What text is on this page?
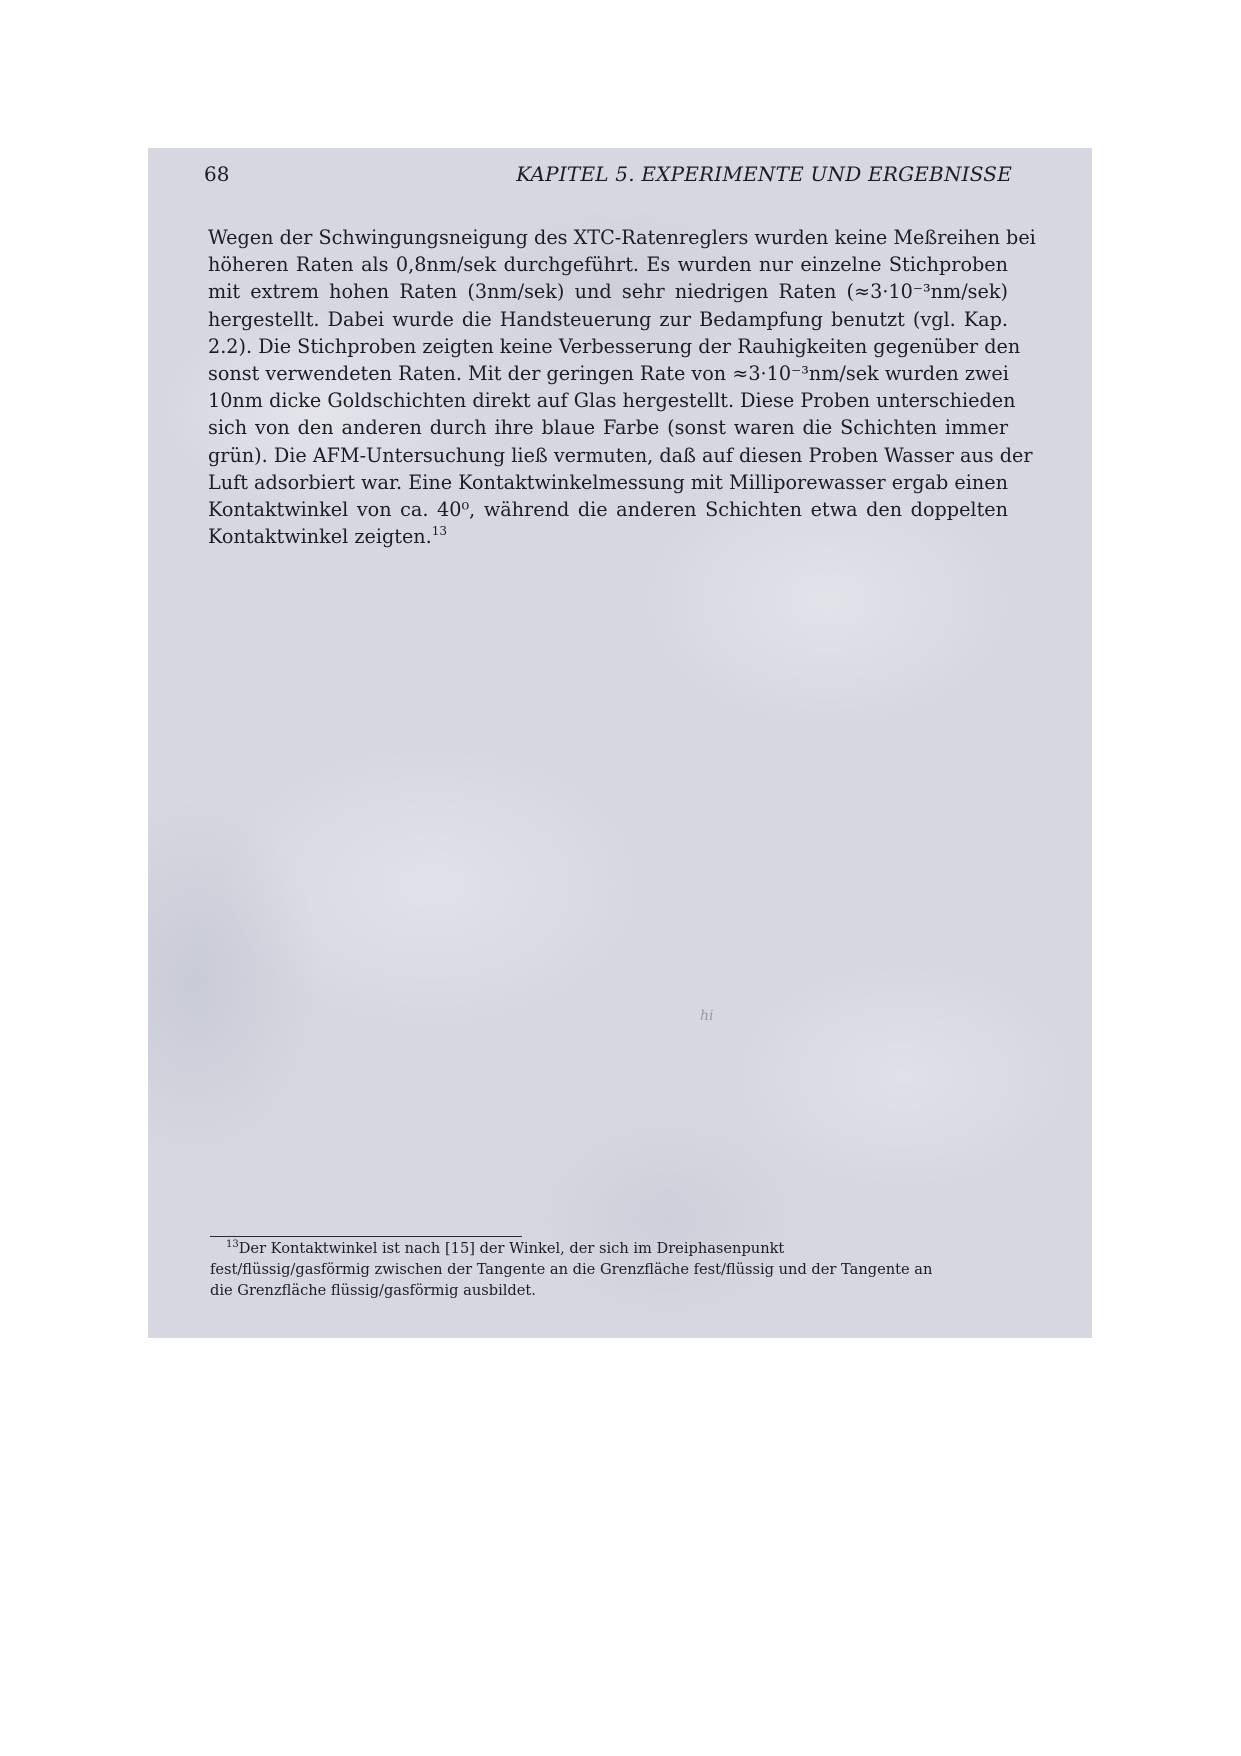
68	KAPITEL 5. EXPERIMENTE UND ERGEBNISSE
Wegen der Schwingungsneigung des XTC-Ratenreglers wurden keine Meßreihen bei
höheren Raten als 0,8nm/sek durchgeführt. Es wurden nur einzelne Stichproben
mit extrem hohen Raten (3nm/sek) und sehr niedrigen Raten (≈3·10⁻³nm/sek)
hergestellt. Dabei wurde die Handsteuerung zur Bedampfung benutzt (vgl. Kap.
2.2). Die Stichproben zeigten keine Verbesserung der Rauhigkeiten gegenüber den
sonst verwendeten Raten. Mit der geringen Rate von ≈3·10⁻³nm/sek wurden zwei
10nm dicke Goldschichten direkt auf Glas hergestellt. Diese Proben unterschieden
sich von den anderen durch ihre blaue Farbe (sonst waren die Schichten immer
grün). Die AFM-Untersuchung ließ vermuten, daß auf diesen Proben Wasser aus der
Luft adsorbiert war. Eine Kontaktwinkelmessung mit Milliporewasser ergab einen
Kontaktwinkel von ca. 40⁰, während die anderen Schichten etwa den doppelten
Kontaktwinkel zeigten.$^{13}$
hi
$^{13}$Der Kontaktwinkel ist nach [15] der Winkel, der sich im Dreiphasenpunkt
fest/flüssig/gasförmig zwischen der Tangente an die Grenzfläche fest/flüssig und der Tangente an
die Grenzfläche flüssig/gasförmig ausbildet.
